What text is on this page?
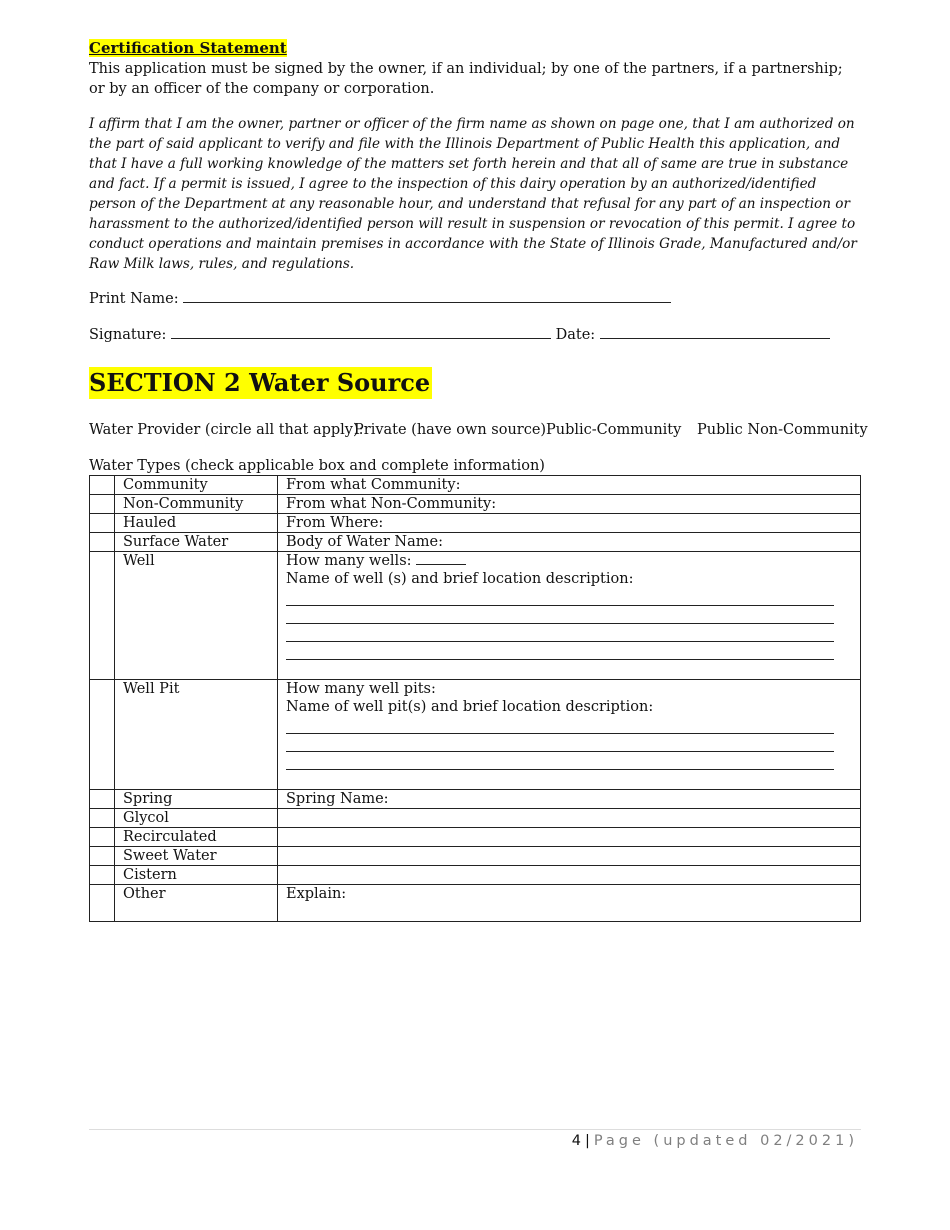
Certification Statement

This application must be signed by the owner, if an individual; by one of the partners, if a partnership; or by an officer of the company or corporation.

I affirm that I am the owner, partner or officer of the firm name as shown on page one, that I am authorized on the part of said applicant to verify and file with the Illinois Department of Public Health this application, and that I have a full working knowledge of the matters set forth herein and that all of same are true in substance and fact. If a permit is issued, I agree to the inspection of this dairy operation by an authorized/identified person of the Department at any reasonable hour, and understand that refusal for any part of an inspection or harassment to the authorized/identified person will result in suspension or revocation of this permit. I agree to conduct operations and maintain premises in accordance with the State of Illinois Grade, Manufactured and/or Raw Milk laws, rules, and regulations.

Print Name:
Signature:	Date:
SECTION 2 Water Source
Water Provider (circle all that apply):
Private (have own source) Public-Community Public Non-Community
Water Types (check applicable box and complete information)
	Community	From what Community:
	Non-Community	From what Non-Community:
	Hauled	From Where:
	Surface Water	Body of Water Name:
	Well	How many wells:
Name of well (s) and brief location description:

	Well Pit	How many well pits:
Name of well pit(s) and brief location description:

	Spring	Spring Name:
	Glycol	
	Recirculated	
	Sweet Water	
	Cistern	
	Other	Explain:
4 | Page (updated 02/2021)
